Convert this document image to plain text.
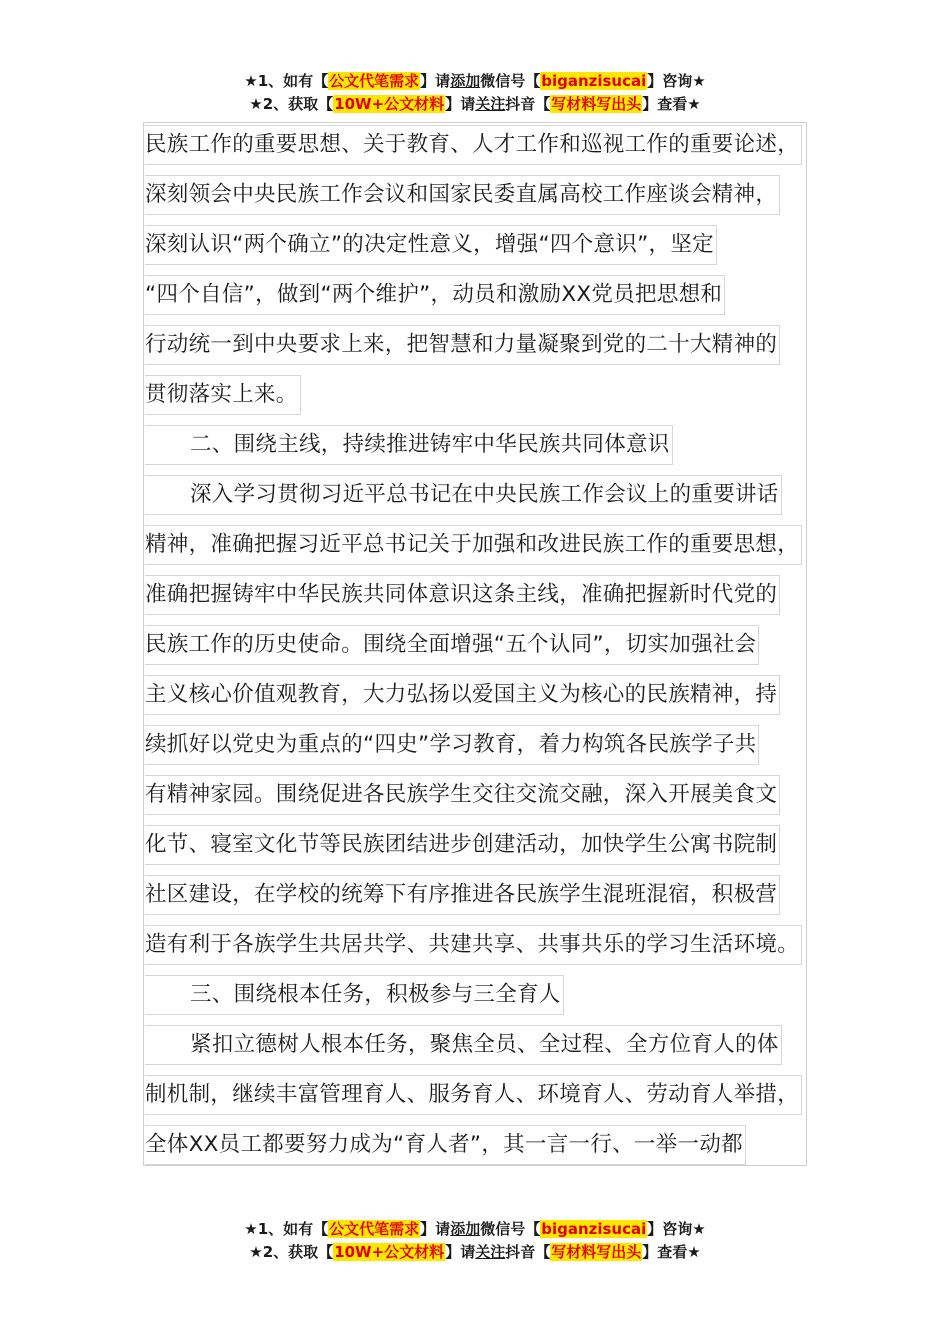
★1、如有【公文代笔需求】请添加微信号【biganzisucai】咨询★
★2、获取【10W+公文材料】请关注抖音【写材料写出头】查看★
民族工作的重要思想、关于教育、人才工作和巡视工作的重要论述，
深刻领会中央民族工作会议和国家民委直属高校工作座谈会精神，
深刻认识“两个确立”的决定性意义，增强“四个意识”，坚定
“四个自信”，做到“两个维护”，动员和激励XX党员把思想和
行动统一到中央要求上来，把智慧和力量凝聚到党的二十大精神的
贯彻落实上来。
二、围绕主线，持续推进铸牢中华民族共同体意识
深入学习贯彻习近平总书记在中央民族工作会议上的重要讲话
精神，准确把握习近平总书记关于加强和改进民族工作的重要思想，
准确把握铸牢中华民族共同体意识这条主线，准确把握新时代党的
民族工作的历史使命。围绕全面增强“五个认同”，切实加强社会
主义核心价值观教育，大力弘扬以爱国主义为核心的民族精神，持
续抓好以党史为重点的“四史”学习教育，着力构筑各民族学子共
有精神家园。围绕促进各民族学生交往交流交融，深入开展美食文
化节、寝室文化节等民族团结进步创建活动，加快学生公寓书院制
社区建设，在学校的统筹下有序推进各民族学生混班混宿，积极营
造有利于各族学生共居共学、共建共享、共事共乐的学习生活环境。
三、围绕根本任务，积极参与三全育人
紧扣立德树人根本任务，聚焦全员、全过程、全方位育人的体
制机制，继续丰富管理育人、服务育人、环境育人、劳动育人举措，
全体XX员工都要努力成为“育人者”，其一言一行、一举一动都
★1、如有【公文代笔需求】请添加微信号【biganzisucai】咨询★
★2、获取【10W+公文材料】请关注抖音【写材料写出头】查看★
